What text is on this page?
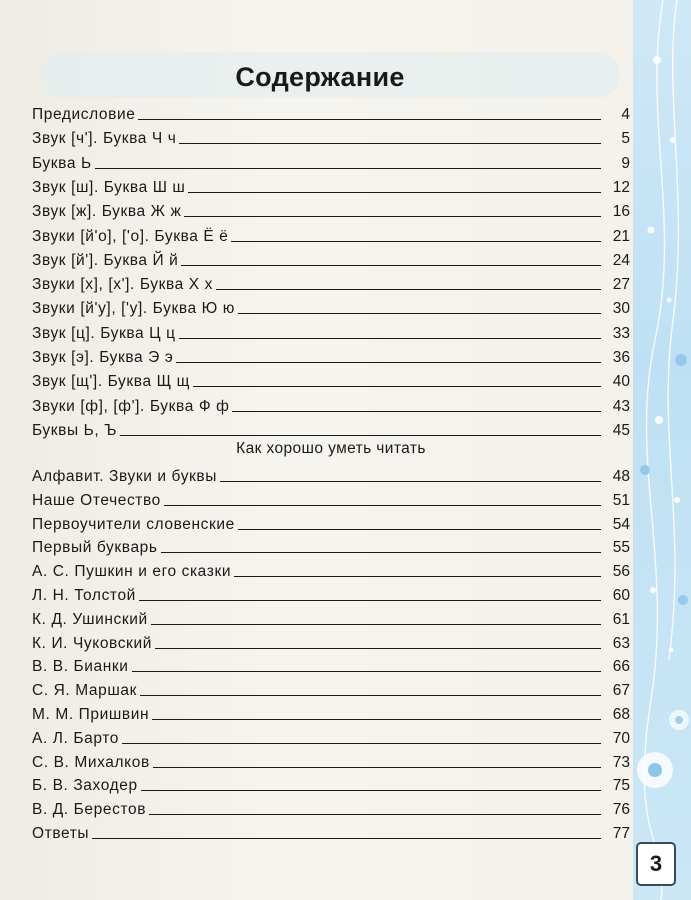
Содержание
Предисловие	4
Звук [ч']. Буква Ч ч	5
Буква Ь	9
Звук [ш]. Буква Ш ш	12
Звук [ж]. Буква Ж ж	16
Звуки [й'о], ['о]. Буква Ё ё	21
Звук [й']. Буква Й й	24
Звуки [х], [х']. Буква Х х	27
Звуки [й'у], ['у]. Буква Ю ю	30
Звук [ц]. Буква Ц ц	33
Звук [э]. Буква Э э	36
Звук [щ']. Буква Щ щ	40
Звуки [ф], [ф']. Буква Ф ф	43
Буквы Ь, Ъ	45
Как хорошо уметь читать
Алфавит. Звуки и буквы	48
Наше Отечество	51
Первоучители словенские	54
Первый букварь	55
А. С. Пушкин и его сказки	56
Л. Н. Толстой	60
К. Д. Ушинский	61
К. И. Чуковский	63
В. В. Бианки	66
С. Я. Маршак	67
М. М. Пришвин	68
А. Л. Барто	70
С. В. Михалков	73
Б. В. Заходер	75
В. Д. Берестов	76
Ответы	77
3
